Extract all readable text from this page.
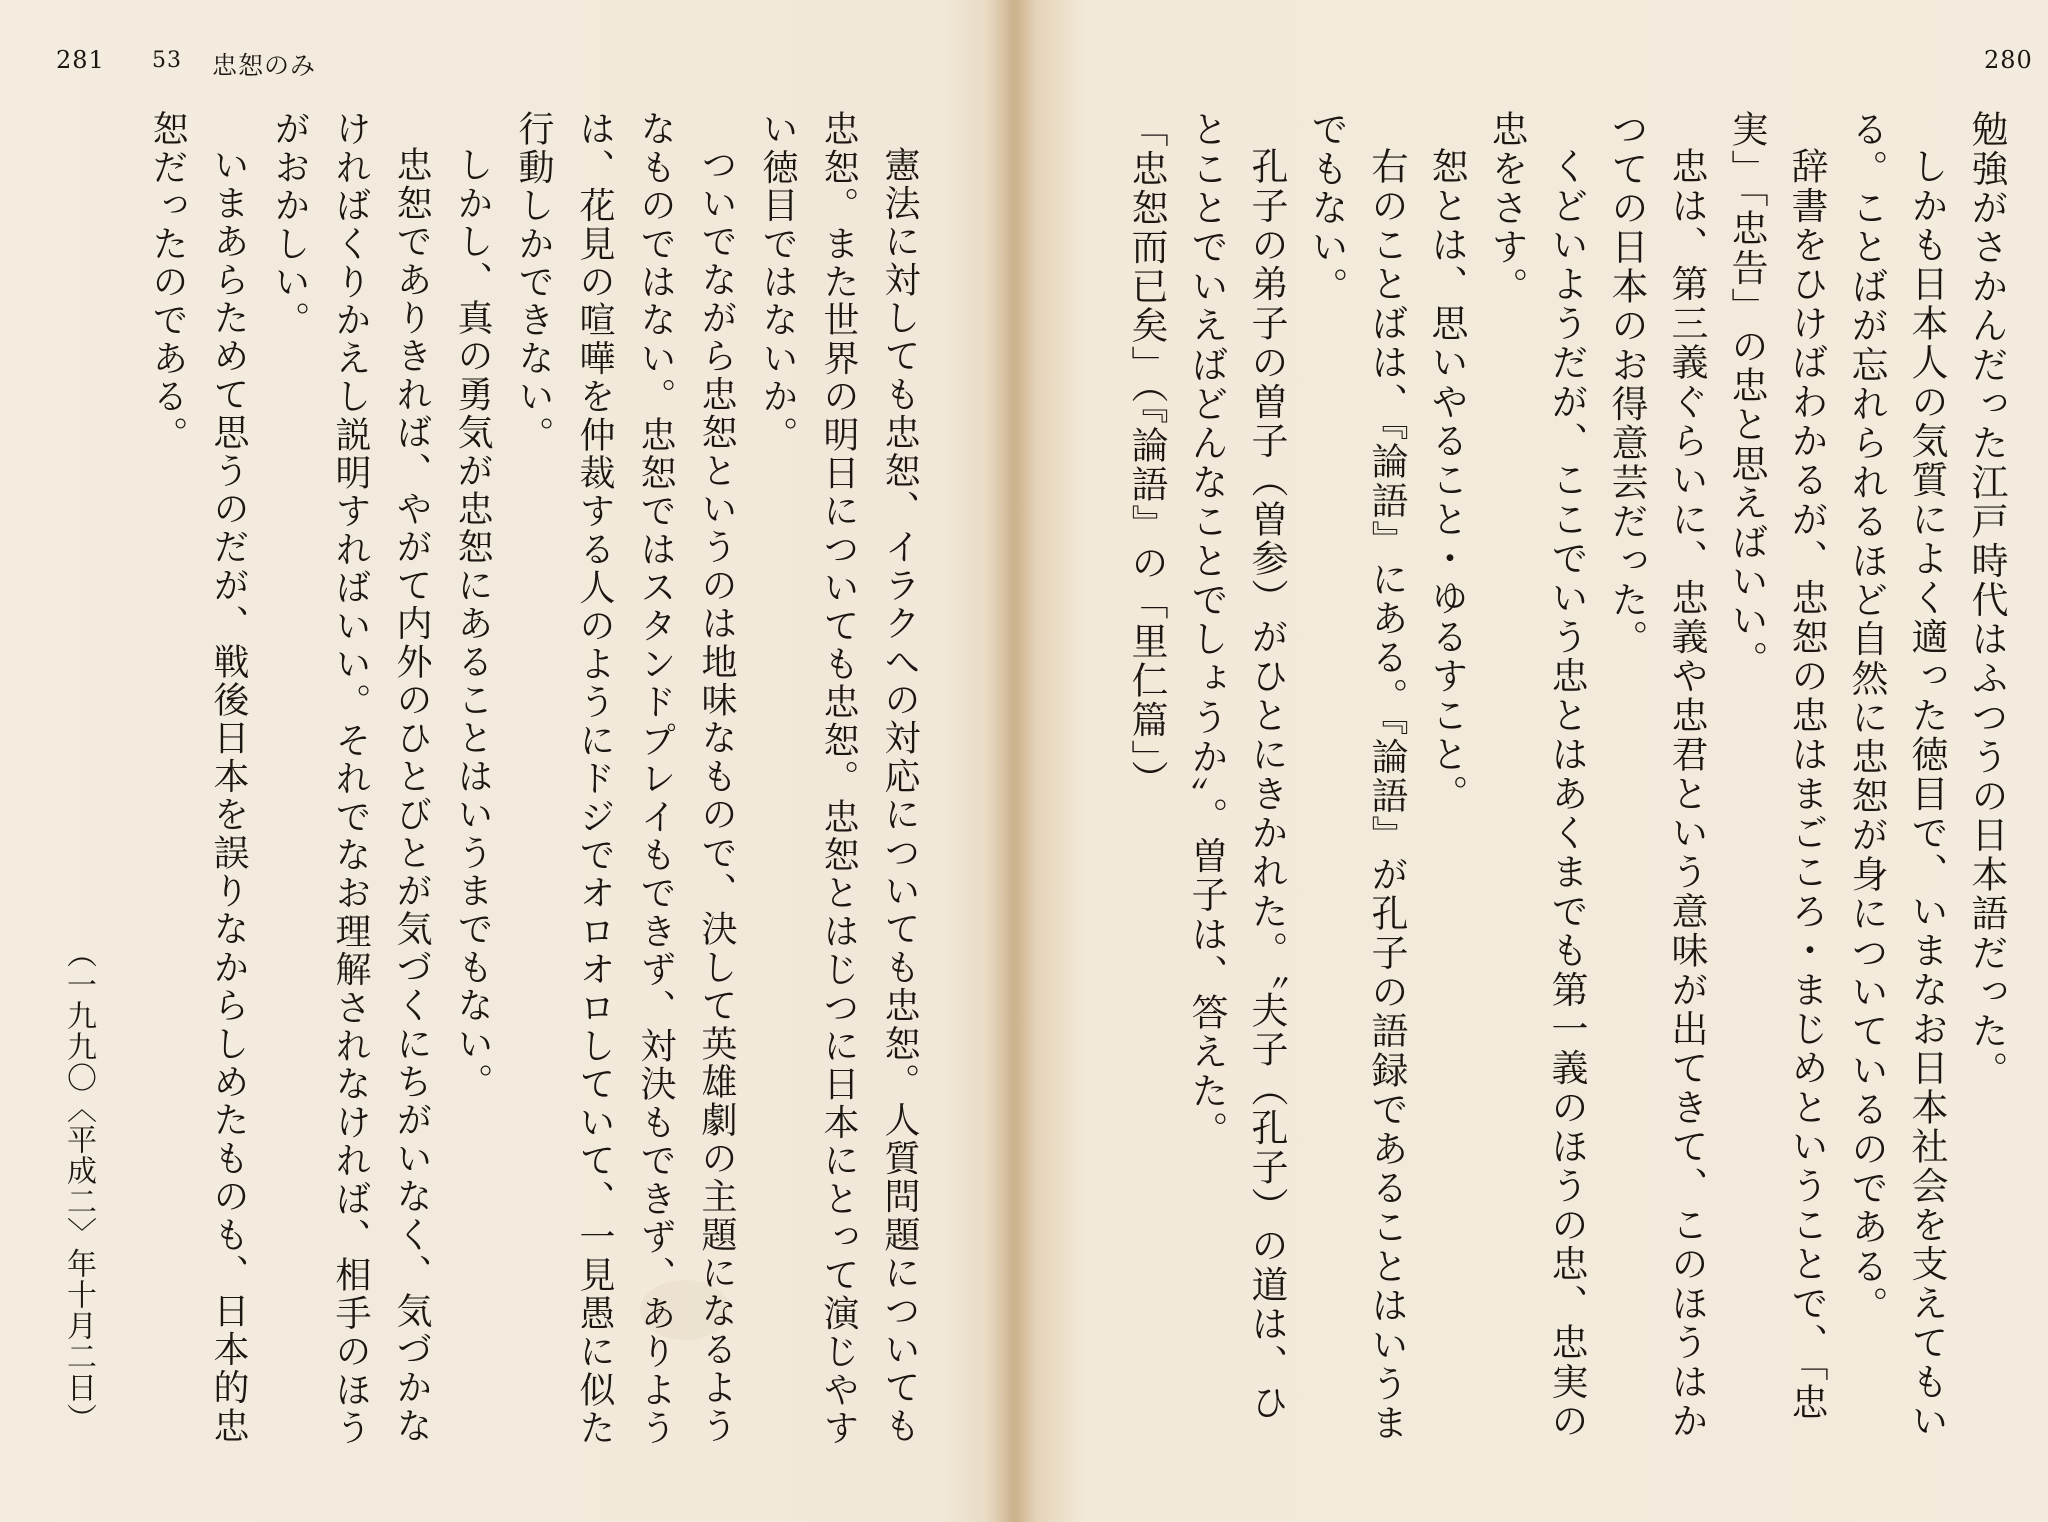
281 53 忠恕のみ

憲法に対しても忠恕、イラクへの対応についても忠恕。人質問題についても忠恕。また世界の明日についても忠恕。忠恕とはじつに日本にとって演じやすい徳目ではないか。

ついでながら忠恕というのは地味なもので、決して英雄劇の主題になるようなものではない。忠恕ではスタンドプレイもできず、対決もできず、ありようは、花見の喧嘩を仲裁する人のようにドジでオロオロしていて、一見愚に似た行動しかできない。

しかし、真の勇気が忠恕にあることはいうまでもない。

忠恕でありきれば、やがて内外のひとびとが気づくにちがいなく、気づかなければくりかえし説明すればいい。それでなお理解されなければ、相手のほうがおかしい。

いまあらためて思うのだが、戦後日本を誤りなからしめたものも、日本的忠恕だったのである。

（一九九〇〈平成二〉年十月二日）
280

勉強がさかんだった江戸時代はふつうの日本語だった。

しかも日本人の気質によく適った徳目で、いまなお日本社会を支えてもいる。ことばが忘れられるほど自然に忠恕が身についているのである。

辞書をひけばわかるが、忠恕の忠はまごころ・まじめということで、「忠実」「忠告」の忠と思えばいい。

忠は、第三義ぐらいに、忠義や忠君という意味が出てきて、このほうはかつての日本のお得意芸だった。

くどいようだが、ここでいう忠とはあくまでも第一義のほうの忠、忠実の忠をさす。

恕とは、思いやること・ゆるすこと。

右のことばは、『論語』にある。『論語』が孔子の語録であることはいうまでもない。

孔子の弟子の曽子（曽参）がひとにきかれた。〝夫子（孔子）の道は、ひとことでいえばどんなことでしょうか〟。曽子は、答えた。

「忠恕而已矣」（『論語』の「里仁篇」）
